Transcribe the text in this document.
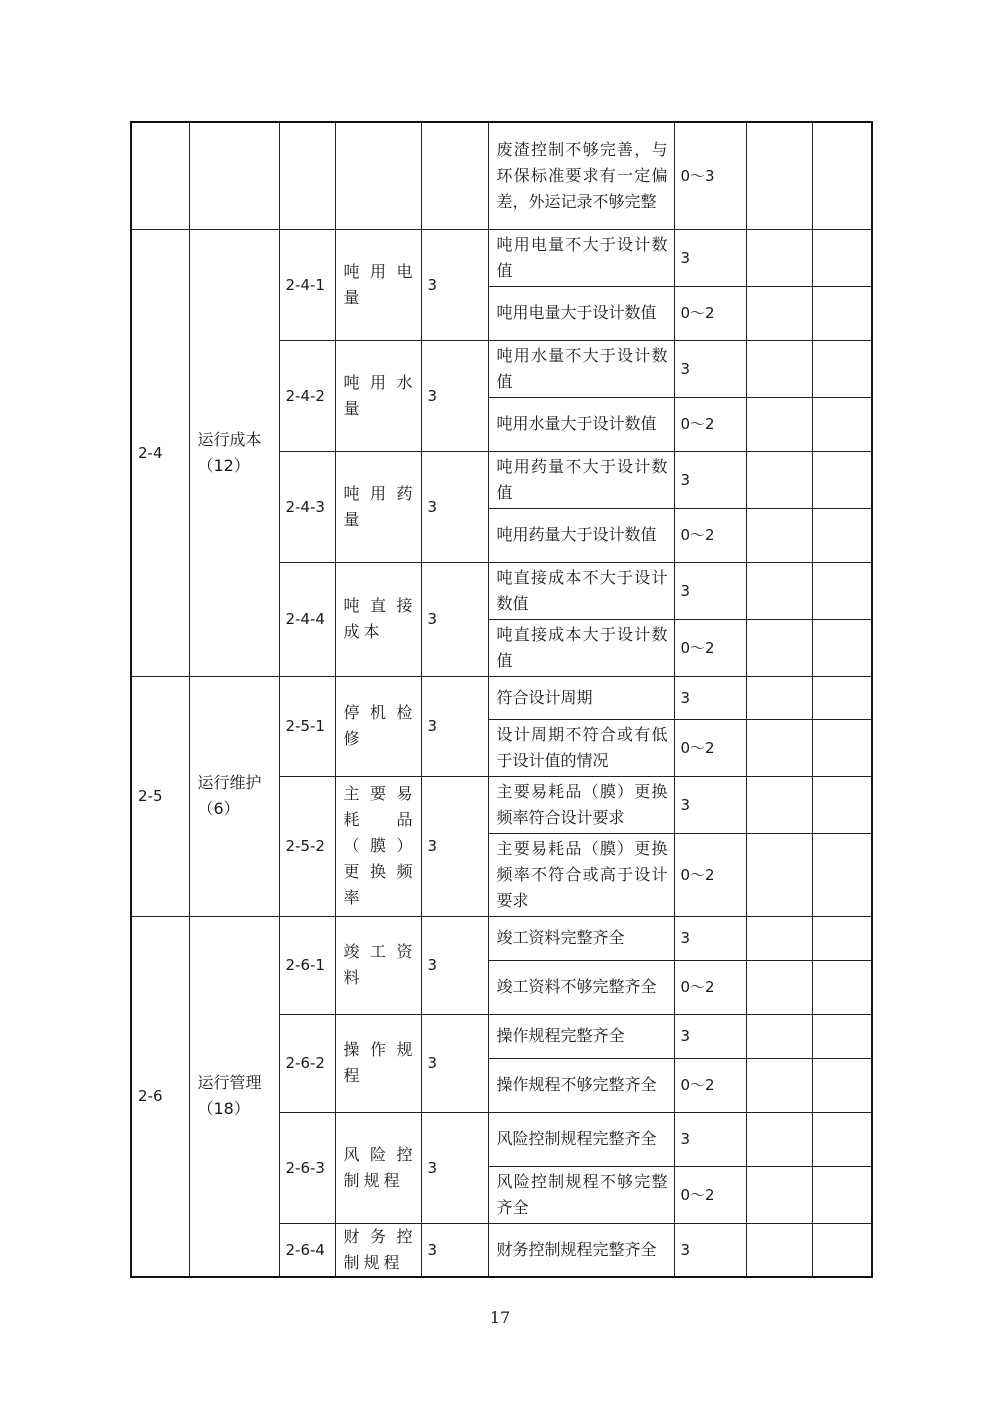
					废渣控制不够完善，与环保标准要求有一定偏差，外运记录不够完整	0～3		
2-4	运行成本
（12）	2-4-1	吨用电量	3	吨用电量不大于设计数值	3		
					吨用电量大于设计数值	0～2		
		2-4-2	吨用水量	3	吨用水量不大于设计数值	3		
					吨用水量大于设计数值	0～2		
		2-4-3	吨用药量	3	吨用药量不大于设计数值	3		
					吨用药量大于设计数值	0～2		
		2-4-4	吨直接成本	3	吨直接成本不大于设计数值	3		
					吨直接成本大于设计数值	0～2		
2-5	运行维护
（6）	2-5-1	停机检修	3	符合设计周期	3		
					设计周期不符合或有低于设计值的情况	0～2		
		2-5-2	主要易耗品（膜）更换频率	3	主要易耗品（膜）更换频率符合设计要求	3		
					主要易耗品（膜）更换频率不符合或高于设计要求	0～2		
2-6	运行管理
（18）	2-6-1	竣工资料	3	竣工资料完整齐全	3		
					竣工资料不够完整齐全	0～2		
		2-6-2	操作规程	3	操作规程完整齐全	3		
					操作规程不够完整齐全	0～2		
		2-6-3	风险控制规程	3	风险控制规程完整齐全	3		
					风险控制规程不够完整齐全	0～2		
		2-6-4	财务控制规程	3	财务控制规程完整齐全	3		
17
